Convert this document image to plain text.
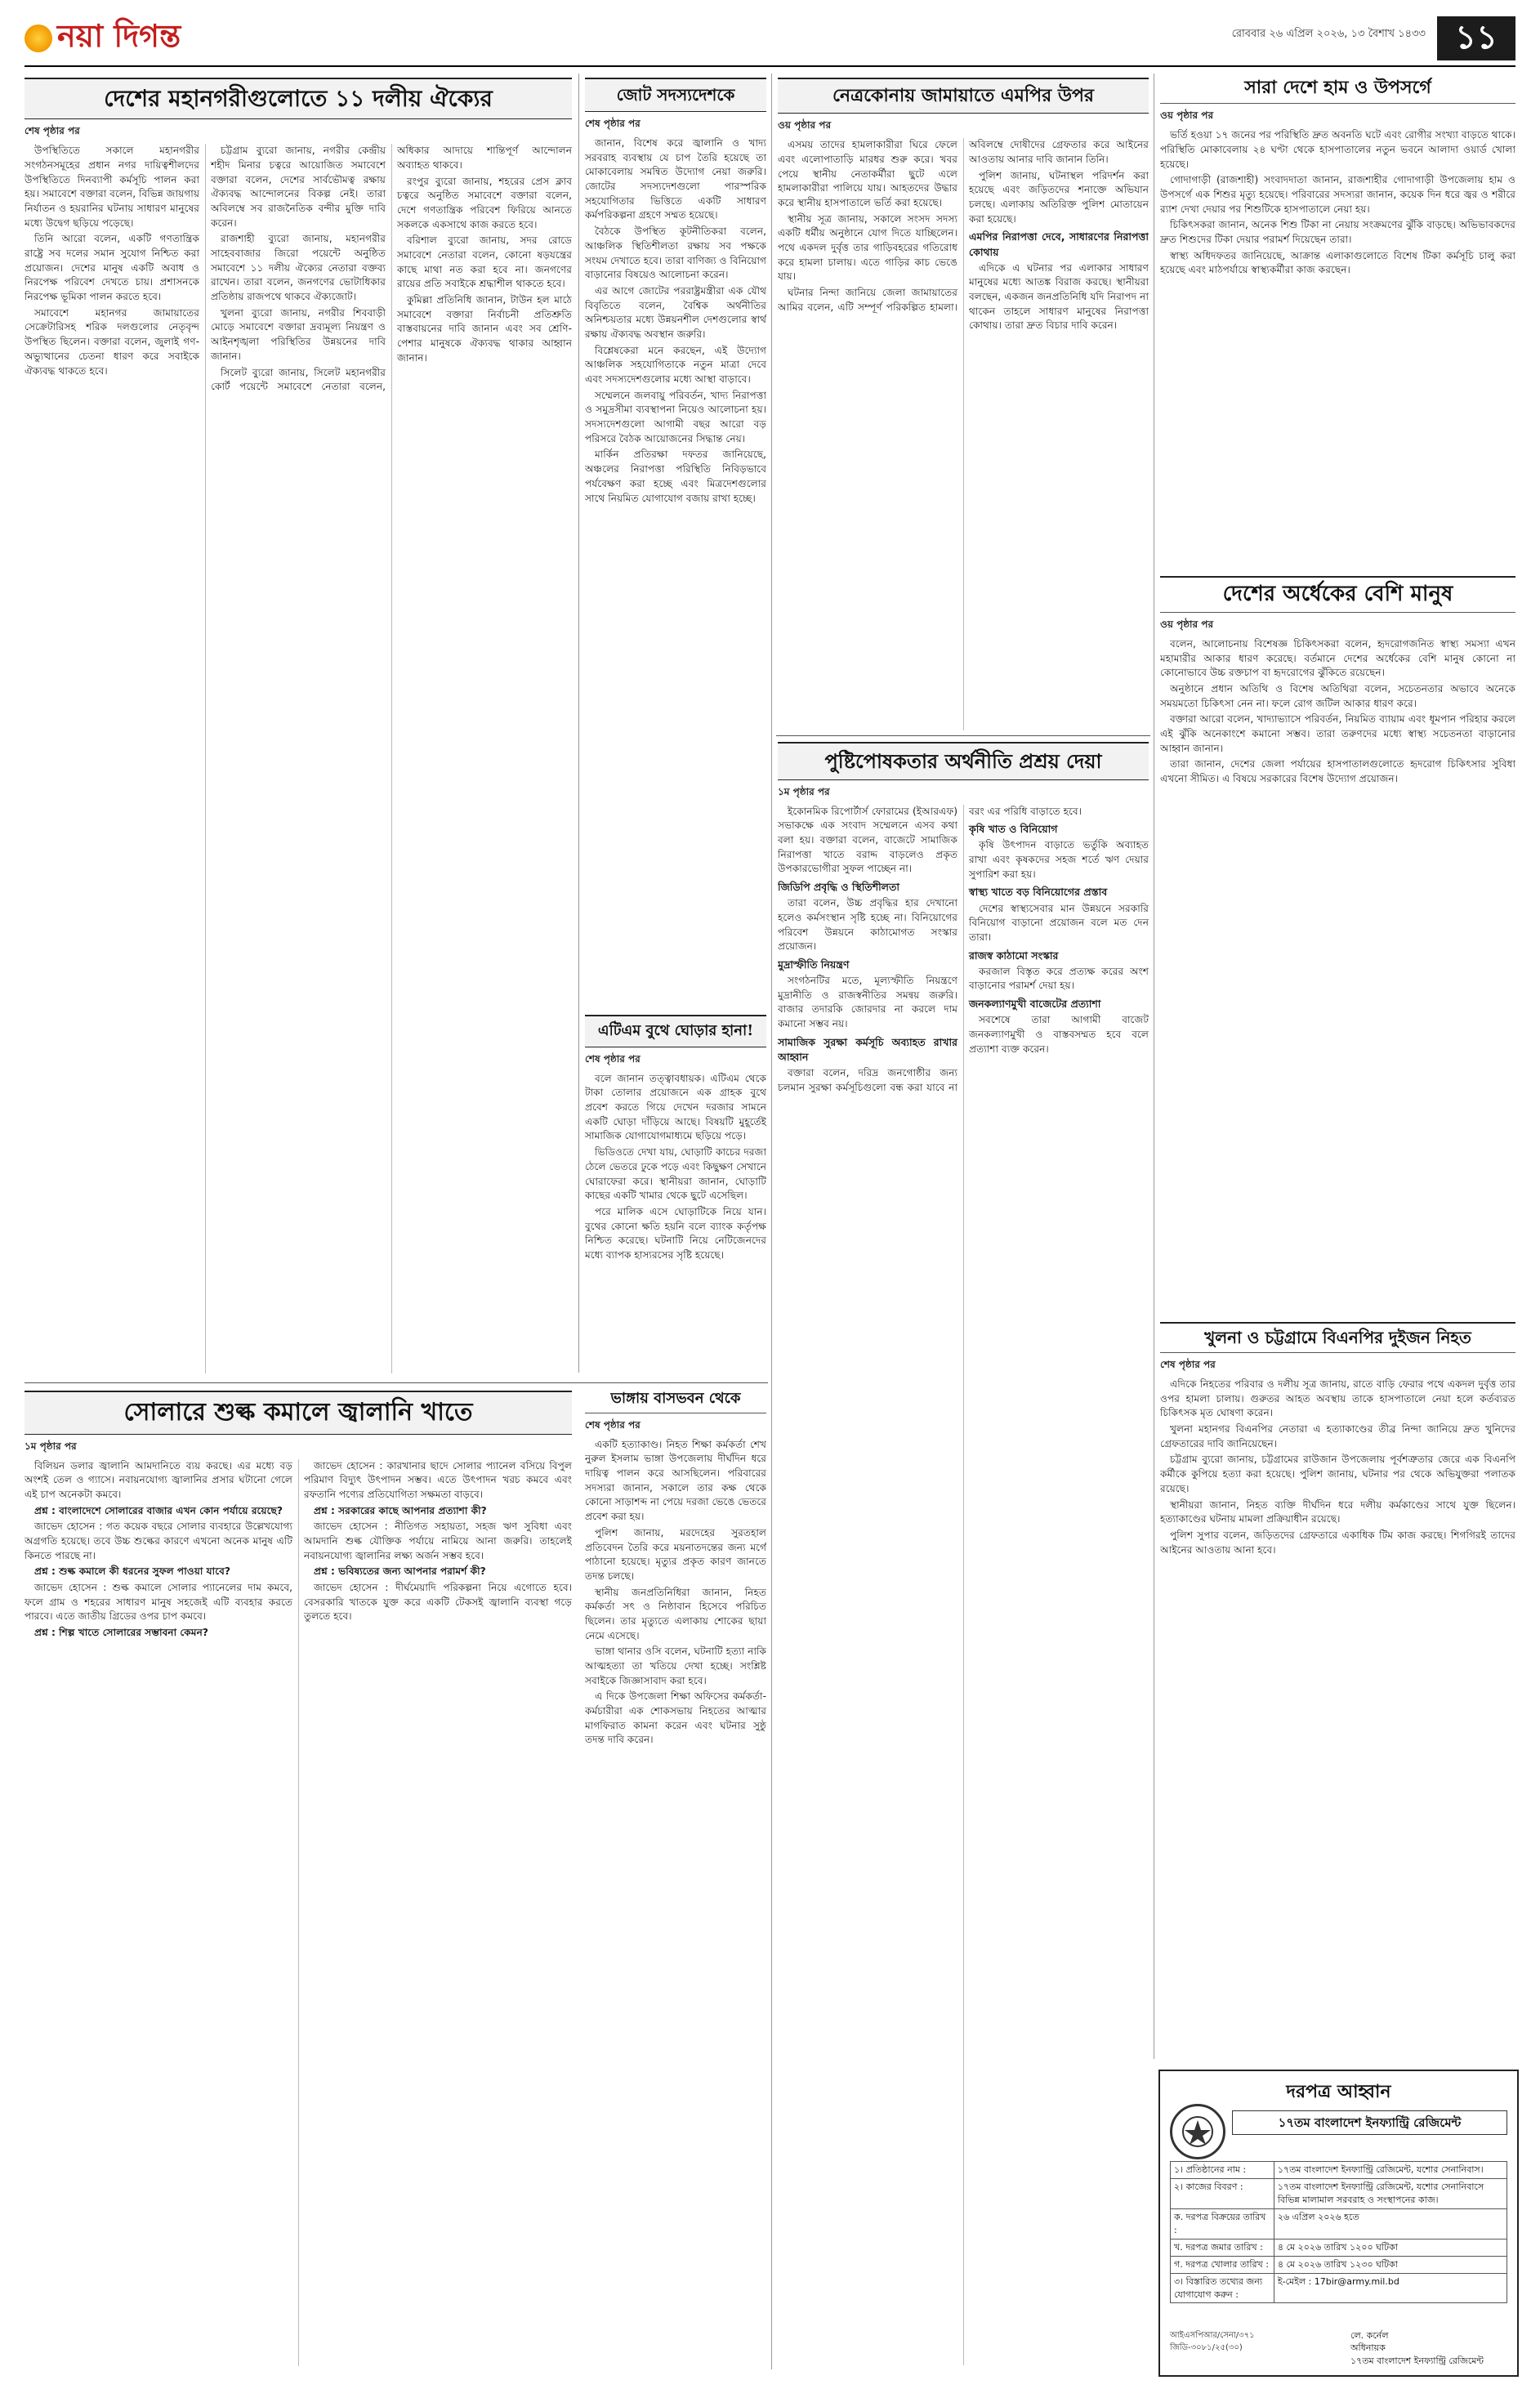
নয়া দিগন্ত	রোববার ২৬ এপ্রিল ২০২৬, ১৩ বৈশাখ ১৪৩৩ ১১
দেশের মহানগরীগুলোতে ১১ দলীয় ঐক্যের
শেষ পৃষ্ঠার পর

উপস্থিতিতে সকালে মহানগরীর সংগঠনসমূহের প্রধান নগর দায়িত্বশীলদের উপস্থিতিতে দিনব্যাপী কর্মসূচি পালন করা হয়। সমাবেশে বক্তারা বলেন, বিভিন্ন জায়গায় নির্যাতন ও হয়রানির ঘটনায় সাধারণ মানুষের মধ্যে উদ্বেগ ছড়িয়ে পড়েছে।

তিনি আরো বলেন, একটি গণতান্ত্রিক রাষ্ট্রে সব দলের সমান সুযোগ নিশ্চিত করা প্রয়োজন। দেশের মানুষ একটি অবাধ ও নিরপেক্ষ পরিবেশ দেখতে চায়। প্রশাসনকে নিরপেক্ষ ভূমিকা পালন করতে হবে।

সমাবেশে মহানগর জামায়াতের সেক্রেটারিসহ শরিক দলগুলোর নেতৃবৃন্দ উপস্থিত ছিলেন। বক্তারা বলেন, জুলাই গণ-অভ্যুত্থানের চেতনা ধারণ করে সবাইকে ঐক্যবদ্ধ থাকতে হবে।

চট্টগ্রাম ব্যুরো জানায়, নগরীর কেন্দ্রীয় শহীদ মিনার চত্বরে আয়োজিত সমাবেশে বক্তারা বলেন, দেশের সার্বভৌমত্ব রক্ষায় ঐক্যবদ্ধ আন্দোলনের বিকল্প নেই। তারা অবিলম্বে সব রাজনৈতিক বন্দীর মুক্তি দাবি করেন।

রাজশাহী ব্যুরো জানায়, মহানগরীর সাহেববাজার জিরো পয়েন্টে অনুষ্ঠিত সমাবেশে ১১ দলীয় ঐক্যের নেতারা বক্তব্য রাখেন। তারা বলেন, জনগণের ভোটাধিকার প্রতিষ্ঠায় রাজপথে থাকবে ঐক্যজোট।

খুলনা ব্যুরো জানায়, নগরীর শিববাড়ী মোড়ে সমাবেশে বক্তারা দ্রব্যমূল্য নিয়ন্ত্রণ ও আইনশৃঙ্খলা পরিস্থিতির উন্নয়নের দাবি জানান।

সিলেট ব্যুরো জানায়, সিলেট মহানগরীর কোর্ট পয়েন্টে সমাবেশে নেতারা বলেন, অধিকার আদায়ে শান্তিপূর্ণ আন্দোলন অব্যাহত থাকবে।

রংপুর ব্যুরো জানায়, শহরের প্রেস ক্লাব চত্বরে অনুষ্ঠিত সমাবেশে বক্তারা বলেন, দেশে গণতান্ত্রিক পরিবেশ ফিরিয়ে আনতে সকলকে একসাথে কাজ করতে হবে।

বরিশাল ব্যুরো জানায়, সদর রোডে সমাবেশে নেতারা বলেন, কোনো ষড়যন্ত্রের কাছে মাথা নত করা হবে না। জনগণের রায়ের প্রতি সবাইকে শ্রদ্ধাশীল থাকতে হবে।

কুমিল্লা প্রতিনিধি জানান, টাউন হল মাঠে সমাবেশে বক্তারা নির্বাচনী প্রতিশ্রুতি বাস্তবায়নের দাবি জানান এবং সব শ্রেণি-পেশার মানুষকে ঐক্যবদ্ধ থাকার আহ্বান জানান।

জোট সদস্যদেশকে
শেষ পৃষ্ঠার পর

জানান, বিশেষ করে জ্বালানি ও খাদ্য সরবরাহ ব্যবস্থায় যে চাপ তৈরি হয়েছে তা মোকাবেলায় সমন্বিত উদ্যোগ নেয়া জরুরি। জোটের সদস্যদেশগুলো পারস্পরিক সহযোগিতার ভিত্তিতে একটি সাধারণ কর্মপরিকল্পনা গ্রহণে সম্মত হয়েছে।

বৈঠকে উপস্থিত কূটনীতিকরা বলেন, আঞ্চলিক স্থিতিশীলতা রক্ষায় সব পক্ষকে সংযম দেখাতে হবে। তারা বাণিজ্য ও বিনিয়োগ বাড়ানোর বিষয়েও আলোচনা করেন।

এর আগে জোটের পররাষ্ট্রমন্ত্রীরা এক যৌথ বিবৃতিতে বলেন, বৈশ্বিক অর্থনীতির অনিশ্চয়তার মধ্যে উন্নয়নশীল দেশগুলোর স্বার্থ রক্ষায় ঐক্যবদ্ধ অবস্থান জরুরি।

বিশ্লেষকেরা মনে করছেন, এই উদ্যোগ আঞ্চলিক সহযোগিতাকে নতুন মাত্রা দেবে এবং সদস্যদেশগুলোর মধ্যে আস্থা বাড়াবে।

সম্মেলনে জলবায়ু পরিবর্তন, খাদ্য নিরাপত্তা ও সমুদ্রসীমা ব্যবস্থাপনা নিয়েও আলোচনা হয়। সদস্যদেশগুলো আগামী বছর আরো বড় পরিসরে বৈঠক আয়োজনের সিদ্ধান্ত নেয়।

মার্কিন প্রতিরক্ষা দফতর জানিয়েছে, অঞ্চলের নিরাপত্তা পরিস্থিতি নিবিড়ভাবে পর্যবেক্ষণ করা হচ্ছে এবং মিত্রদেশগুলোর সাথে নিয়মিত যোগাযোগ বজায় রাখা হচ্ছে।

এটিএম বুথে ঘোড়ার হানা!
শেষ পৃষ্ঠার পর

বলে জানান তত্ত্বাবধায়ক। এটিএম থেকে টাকা তোলার প্রয়োজনে এক গ্রাহক বুথে প্রবেশ করতে গিয়ে দেখেন দরজার সামনে একটি ঘোড়া দাঁড়িয়ে আছে। বিষয়টি মুহূর্তেই সামাজিক যোগাযোগমাধ্যমে ছড়িয়ে পড়ে।

ভিডিওতে দেখা যায়, ঘোড়াটি কাচের দরজা ঠেলে ভেতরে ঢুকে পড়ে এবং কিছুক্ষণ সেখানে ঘোরাফেরা করে। স্থানীয়রা জানান, ঘোড়াটি কাছের একটি খামার থেকে ছুটে এসেছিল।

পরে মালিক এসে ঘোড়াটিকে নিয়ে যান। বুথের কোনো ক্ষতি হয়নি বলে ব্যাংক কর্তৃপক্ষ নিশ্চিত করেছে। ঘটনাটি নিয়ে নেটিজেনদের মধ্যে ব্যাপক হাস্যরসের সৃষ্টি হয়েছে।

নেত্রকোনায় জামায়াতে এমপির উপর
ওয় পৃষ্ঠার পর

এসময় তাদের হামলাকারীরা ঘিরে ফেলে এবং এলোপাতাড়ি মারধর শুরু করে। খবর পেয়ে স্থানীয় নেতাকর্মীরা ছুটে এলে হামলাকারীরা পালিয়ে যায়। আহতদের উদ্ধার করে স্থানীয় হাসপাতালে ভর্তি করা হয়েছে।

স্থানীয় সূত্র জানায়, সকালে সংসদ সদস্য একটি ধর্মীয় অনুষ্ঠানে যোগ দিতে যাচ্ছিলেন। পথে একদল দুর্বৃত্ত তার গাড়িবহরের গতিরোধ করে হামলা চালায়। এতে গাড়ির কাচ ভেঙে যায়।

ঘটনার নিন্দা জানিয়ে জেলা জামায়াতের আমির বলেন, এটি সম্পূর্ণ পরিকল্পিত হামলা। অবিলম্বে দোষীদের গ্রেফতার করে আইনের আওতায় আনার দাবি জানান তিনি।

পুলিশ জানায়, ঘটনাস্থল পরিদর্শন করা হয়েছে এবং জড়িতদের শনাক্তে অভিযান চলছে। এলাকায় অতিরিক্ত পুলিশ মোতায়েন করা হয়েছে।

এমপির নিরাপত্তা দেবে, সাধারণের নিরাপত্তা কোথায়

এদিকে এ ঘটনার পর এলাকার সাধারণ মানুষের মধ্যে আতঙ্ক বিরাজ করছে। স্থানীয়রা বলছেন, একজন জনপ্রতিনিধি যদি নিরাপদ না থাকেন তাহলে সাধারণ মানুষের নিরাপত্তা কোথায়। তারা দ্রুত বিচার দাবি করেন।

পুষ্টিপোষকতার অর্থনীতি প্রশ্রয় দেয়া
১ম পৃষ্ঠার পর

ইকোনমিক রিপোর্টার্স ফোরামের (ইআরএফ) সভাকক্ষে এক সংবাদ সম্মেলনে এসব কথা বলা হয়। বক্তারা বলেন, বাজেটে সামাজিক নিরাপত্তা খাতে বরাদ্দ বাড়লেও প্রকৃত উপকারভোগীরা সুফল পাচ্ছেন না।

জিডিপি প্রবৃদ্ধি ও স্থিতিশীলতা

তারা বলেন, উচ্চ প্রবৃদ্ধির হার দেখানো হলেও কর্মসংস্থান সৃষ্টি হচ্ছে না। বিনিয়োগের পরিবেশ উন্নয়নে কাঠামোগত সংস্কার প্রয়োজন।

মুদ্রাস্ফীতি নিয়ন্ত্রণ

সংগঠনটির মতে, মূল্যস্ফীতি নিয়ন্ত্রণে মুদ্রানীতি ও রাজস্বনীতির সমন্বয় জরুরি। বাজার তদারকি জোরদার না করলে দাম কমানো সম্ভব নয়।

সামাজিক সুরক্ষা কর্মসূচি অব্যাহত রাখার আহ্বান

বক্তারা বলেন, দরিদ্র জনগোষ্ঠীর জন্য চলমান সুরক্ষা কর্মসূচিগুলো বন্ধ করা যাবে না বরং এর পরিধি বাড়াতে হবে।

কৃষি খাত ও বিনিয়োগ

কৃষি উৎপাদন বাড়াতে ভর্তুকি অব্যাহত রাখা এবং কৃষকদের সহজ শর্তে ঋণ দেয়ার সুপারিশ করা হয়।

স্বাস্থ্য খাতে বড় বিনিয়োগের প্রস্তাব

দেশের স্বাস্থ্যসেবার মান উন্নয়নে সরকারি বিনিয়োগ বাড়ানো প্রয়োজন বলে মত দেন তারা।

রাজস্ব কাঠামো সংস্কার

করজাল বিস্তৃত করে প্রত্যক্ষ করের অংশ বাড়ানোর পরামর্শ দেয়া হয়।

জনকল্যাণমুখী বাজেটের প্রত্যাশা

সবশেষে তারা আগামী বাজেট জনকল্যাণমুখী ও বাস্তবসম্মত হবে বলে প্রত্যাশা ব্যক্ত করেন।

সারা দেশে হাম ও উপসর্গে
ওয় পৃষ্ঠার পর

ভর্তি হওয়া ১৭ জনের পর পরিস্থিতি দ্রুত অবনতি ঘটে এবং রোগীর সংখ্যা বাড়তে থাকে। পরিস্থিতি মোকাবেলায় ২৪ ঘণ্টা থেকে হাসপাতালের নতুন ভবনে আলাদা ওয়ার্ড খোলা হয়েছে।

গোদাগাড়ী (রাজশাহী) সংবাদদাতা জানান, রাজশাহীর গোদাগাড়ী উপজেলায় হাম ও উপসর্গে এক শিশুর মৃত্যু হয়েছে। পরিবারের সদস্যরা জানান, কয়েক দিন ধরে জ্বর ও শরীরে র‍্যাশ দেখা দেয়ার পর শিশুটিকে হাসপাতালে নেয়া হয়।

চিকিৎসকরা জানান, অনেক শিশু টিকা না নেয়ায় সংক্রমণের ঝুঁকি বাড়ছে। অভিভাবকদের দ্রুত শিশুদের টিকা দেয়ার পরামর্শ দিয়েছেন তারা।

স্বাস্থ্য অধিদফতর জানিয়েছে, আক্রান্ত এলাকাগুলোতে বিশেষ টিকা কর্মসূচি চালু করা হয়েছে এবং মাঠপর্যায়ে স্বাস্থ্যকর্মীরা কাজ করছেন।

দেশের অর্ধেকের বেশি মানুষ
ওয় পৃষ্ঠার পর

বলেন, আলোচনায় বিশেষজ্ঞ চিকিৎসকরা বলেন, হৃদরোগজনিত স্বাস্থ্য সমস্যা এখন মহামারীর আকার ধারণ করেছে। বর্তমানে দেশের অর্ধেকের বেশি মানুষ কোনো না কোনোভাবে উচ্চ রক্তচাপ বা হৃদরোগের ঝুঁকিতে রয়েছেন।

অনুষ্ঠানে প্রধান অতিথি ও বিশেষ অতিথিরা বলেন, সচেতনতার অভাবে অনেকে সময়মতো চিকিৎসা নেন না। ফলে রোগ জটিল আকার ধারণ করে।

বক্তারা আরো বলেন, খাদ্যাভ্যাসে পরিবর্তন, নিয়মিত ব্যায়াম এবং ধূমপান পরিহার করলে এই ঝুঁকি অনেকাংশে কমানো সম্ভব। তারা তরুণদের মধ্যে স্বাস্থ্য সচেতনতা বাড়ানোর আহ্বান জানান।

তারা জানান, দেশের জেলা পর্যায়ের হাসপাতালগুলোতে হৃদরোগ চিকিৎসার সুবিধা এখনো সীমিত। এ বিষয়ে সরকারের বিশেষ উদ্যোগ প্রয়োজন।

খুলনা ও চট্টগ্রামে বিএনপির দুইজন নিহত
শেষ পৃষ্ঠার পর

এদিকে নিহতের পরিবার ও দলীয় সূত্র জানায়, রাতে বাড়ি ফেরার পথে একদল দুর্বৃত্ত তার ওপর হামলা চালায়। গুরুতর আহত অবস্থায় তাকে হাসপাতালে নেয়া হলে কর্তব্যরত চিকিৎসক মৃত ঘোষণা করেন।

খুলনা মহানগর বিএনপির নেতারা এ হত্যাকাণ্ডের তীব্র নিন্দা জানিয়ে দ্রুত খুনিদের গ্রেফতারের দাবি জানিয়েছেন।

চট্টগ্রাম ব্যুরো জানায়, চট্টগ্রামের রাউজান উপজেলায় পূর্বশত্রুতার জেরে এক বিএনপি কর্মীকে কুপিয়ে হত্যা করা হয়েছে। পুলিশ জানায়, ঘটনার পর থেকে অভিযুক্তরা পলাতক রয়েছে।

স্থানীয়রা জানান, নিহত ব্যক্তি দীর্ঘদিন ধরে দলীয় কর্মকাণ্ডের সাথে যুক্ত ছিলেন। হত্যাকাণ্ডের ঘটনায় মামলা প্রক্রিয়াধীন রয়েছে।

পুলিশ সুপার বলেন, জড়িতদের গ্রেফতারে একাধিক টিম কাজ করছে। শিগগিরই তাদের আইনের আওতায় আনা হবে।

সোলারে শুল্ক কমালে জ্বালানি খাতে
১ম পৃষ্ঠার পর

বিলিয়ন ডলার জ্বালানি আমদানিতে ব্যয় করছে। এর মধ্যে বড় অংশই তেল ও গ্যাসে। নবায়নযোগ্য জ্বালানির প্রসার ঘটানো গেলে এই চাপ অনেকটা কমবে।

প্রশ্ন : বাংলাদেশে সোলারের বাজার এখন কোন পর্যায়ে রয়েছে?

জাভেদ হোসেন : গত কয়েক বছরে সোলার ব্যবহারে উল্লেখযোগ্য অগ্রগতি হয়েছে। তবে উচ্চ শুল্কের কারণে এখনো অনেক মানুষ এটি কিনতে পারছে না।

প্রশ্ন : শুল্ক কমালে কী ধরনের সুফল পাওয়া যাবে?

জাভেদ হোসেন : শুল্ক কমালে সোলার প্যানেলের দাম কমবে, ফলে গ্রাম ও শহরের সাধারণ মানুষ সহজেই এটি ব্যবহার করতে পারবে। এতে জাতীয় গ্রিডের ওপর চাপ কমবে।

প্রশ্ন : শিল্প খাতে সোলারের সম্ভাবনা কেমন?

জাভেদ হোসেন : কারখানার ছাদে সোলার প্যানেল বসিয়ে বিপুল পরিমাণ বিদ্যুৎ উৎপাদন সম্ভব। এতে উৎপাদন খরচ কমবে এবং রফতানি পণ্যের প্রতিযোগিতা সক্ষমতা বাড়বে।

প্রশ্ন : সরকারের কাছে আপনার প্রত্যাশা কী?

জাভেদ হোসেন : নীতিগত সহায়তা, সহজ ঋণ সুবিধা এবং আমদানি শুল্ক যৌক্তিক পর্যায়ে নামিয়ে আনা জরুরি। তাহলেই নবায়নযোগ্য জ্বালানির লক্ষ্য অর্জন সম্ভব হবে।

প্রশ্ন : ভবিষ্যতের জন্য আপনার পরামর্শ কী?

জাভেদ হোসেন : দীর্ঘমেয়াদি পরিকল্পনা নিয়ে এগোতে হবে। বেসরকারি খাতকে যুক্ত করে একটি টেকসই জ্বালানি ব্যবস্থা গড়ে তুলতে হবে।

ভাঙ্গায় বাসভবন থেকে
শেষ পৃষ্ঠার পর

একটি হত্যাকাণ্ড। নিহত শিক্ষা কর্মকর্তা শেখ নুরুল ইসলাম ভাঙ্গা উপজেলায় দীর্ঘদিন ধরে দায়িত্ব পালন করে আসছিলেন। পরিবারের সদস্যরা জানান, সকালে তার কক্ষ থেকে কোনো সাড়াশব্দ না পেয়ে দরজা ভেঙে ভেতরে প্রবেশ করা হয়।

পুলিশ জানায়, মরদেহের সুরতহাল প্রতিবেদন তৈরি করে ময়নাতদন্তের জন্য মর্গে পাঠানো হয়েছে। মৃত্যুর প্রকৃত কারণ জানতে তদন্ত চলছে।

স্থানীয় জনপ্রতিনিধিরা জানান, নিহত কর্মকর্তা সৎ ও নিষ্ঠাবান হিসেবে পরিচিত ছিলেন। তার মৃত্যুতে এলাকায় শোকের ছায়া নেমে এসেছে।

ভাঙ্গা থানার ওসি বলেন, ঘটনাটি হত্যা নাকি আত্মহত্যা তা খতিয়ে দেখা হচ্ছে। সংশ্লিষ্ট সবাইকে জিজ্ঞাসাবাদ করা হবে।

এ দিকে উপজেলা শিক্ষা অফিসের কর্মকর্তা-কর্মচারীরা এক শোকসভায় নিহতের আত্মার মাগফিরাত কামনা করেন এবং ঘটনার সুষ্ঠু তদন্ত দাবি করেন।

দরপত্র আহ্বান
১৭তম বাংলাদেশ ইনফ্যান্ট্রি রেজিমেন্ট
১। প্রতিষ্ঠানের নাম :	১৭তম বাংলাদেশ ইনফ্যান্ট্রি রেজিমেন্ট, যশোর সেনানিবাস।
২। কাজের বিবরণ :	১৭তম বাংলাদেশ ইনফ্যান্ট্রি রেজিমেন্ট, যশোর সেনানিবাসে বিভিন্ন মালামাল সরবরাহ ও সংস্থাপনের কাজ।
ক. দরপত্র বিক্রয়ের তারিখ :	২৬ এপ্রিল ২০২৬ হতে
খ. দরপত্র জমার তারিখ :	৪ মে ২০২৬ তারিখ ১২০০ ঘটিকা
গ. দরপত্র খোলার তারিখ :	৪ মে ২০২৬ তারিখ ১২৩০ ঘটিকা
৩। বিস্তারিত তথ্যের জন্য যোগাযোগ করুন :	ই-মেইল : 17bir@army.mil.bd
আইএসপিআর/সেনা/৩৭১
জিডি-৩০৮১/২৫(৩০)
লে. কর্নেল
অধিনায়ক
১৭তম বাংলাদেশ ইনফ্যান্ট্রি রেজিমেন্ট
